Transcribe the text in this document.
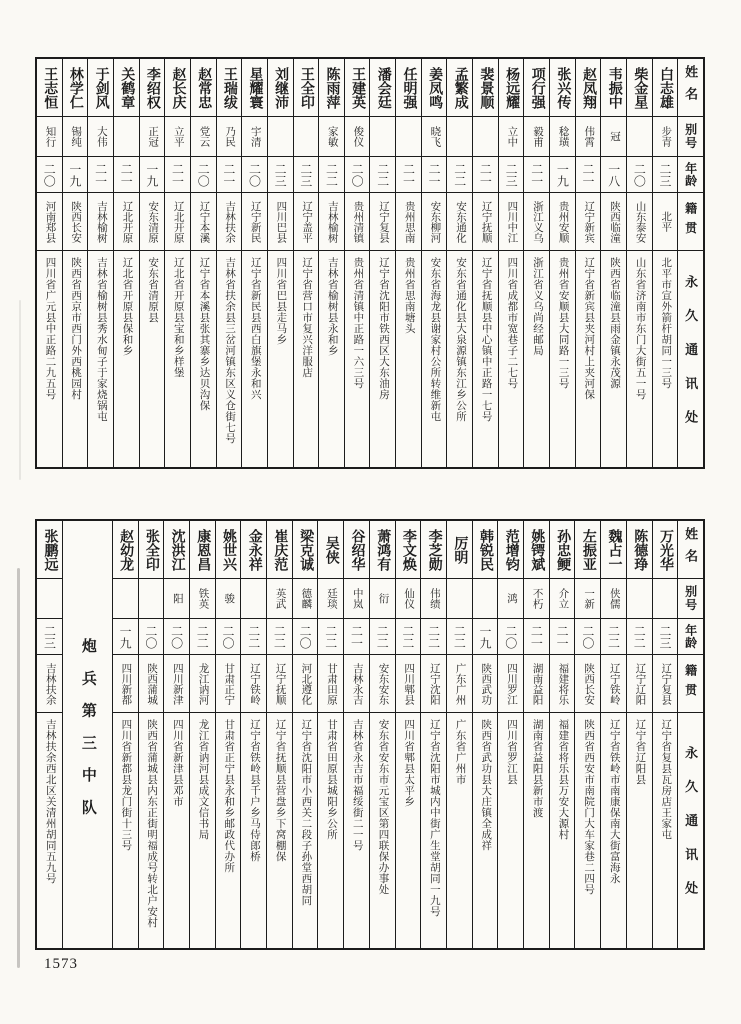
姓名
别号
年龄
籍贯
永久通讯处
白志雄
步青
二三
北平
北平市宣外箭杆胡同一三号
柴金星
二〇
山东泰安
山东省济南市东门大街五一号
韦振中
冠
一八
陕西临潼
陕西省临潼县雨金镇永茂源
赵凤翔
伟霄
二一
辽宁新宾
辽宁省新宾县夹河村上夹河保
张兴传
稔璜
一九
贵州安顺
贵州省安顺县大同路一三号
项行强
毅甫
二一
浙江义乌
浙江省义乌尚经邮局
杨远耀
立中
二三
四川中江
四川省成都市宽巷子二七号
裴景顺
二一
辽宁抚顺
辽宁省抚顺县中心镇中正路一七号
孟繁成
二二
安东通化
安东省通化县大泉源镇东江乡公所
姜凤鸣
晓飞
二一
安东柳河
安东省海龙县谢家村公所转维新屯
任明强
二一
贵州思南
贵州省思南塘头
潘会廷
二二
辽宁复县
辽宁省沈阳市铁西区大东油房
王建英
俊仪
二〇
贵州清镇
贵州省清镇中正路一六三号
陈雨萍
家敏
二二
吉林榆树
吉林省榆树县永和乡
王全印
二三
辽宁盖平
辽宁省营口市复兴洋服店
刘继沛
二三
四川巴县
四川省巴县走马乡
星耀寰
宇清
二〇
辽宁新民
辽宁省新民县西白旗堡永和兴
王瑞绂
乃民
二一
吉林扶余
吉林省扶余县三岔河镇东区义仓街七号
赵常忠
党云
二〇
辽宁本溪
辽宁省本溪县张其寨乡达贝沟保
赵长庆
立平
二一
辽北开原
辽北省开原县宝和乡样堡
李绍权
正冠
一九
安东清原
安东省清原县
关鹤章
二一
辽北开原
辽北省开原县保和乡
于剑风
大伟
二一
吉林榆树
吉林省榆树县秀水甸子于家烧锅屯
林学仁
锡纯
一九
陕西长安
陕西省西京市西门外西桃园村
王志恒
知行
二〇
河南郑县
四川省广元县中正路二九五号
姓名
别号
年龄
籍贯
永久通讯处
万光华
二三
辽宁复县
辽宁省复县瓦房店王家屯
陈德琤
二二
辽宁辽阳
辽宁省辽阳县
魏占一
侠儒
二二
辽宁铁岭
辽宁省铁岭市南康保南大街富海永
左振亚
一新
二〇
陕西长安
陕西省西安市南院门大车家巷二四号
孙忠鲠
介立
二一
福建将乐
福建省将乐县万安大源村
姚锷斌
不朽
二一
湖南益阳
湖南省益阳县新市渡
范增钧
鸿
二〇
四川罗江
四川省罗江县
韩锐民
一九
陕西武功
陕西省武功县大庄镇全成祥
厉明
二二
广东广州
广东省广州市
李芝勋
伟绩
二二
辽宁沈阳
辽宁省沈阳市城内中街广生堂胡同一九号
李文焕
仙仪
二二
四川郫县
四川省郫县太平乡
萧鸿有
衍
二二
安东安东
安东省安东市元宝区第四联保办事处
谷绍华
中岚
二一
吉林永吉
吉林省永吉市福绥街二一号
吴侠
廷琰
二二
甘肃田原
甘肃省田原县城阳乡公所
梁克诚
德麟
二〇
河北遵化
辽宁省沈阳市小西关二段子孙堂西胡同
崔庆范
英武
二二
辽宁抚顺
辽宁省抚顺县营盘乡下窝棚保
金永祥
二二
辽宁铁岭
辽宁省铁岭县千户乡马侍郎桥
姚世兴
骏
二〇
甘肃正宁
甘肃省正宁县永和乡邮政代办所
康恩昌
铁英
二二
龙江讷河
龙江省讷河县成文信书局
沈洪江
阳
二〇
四川新津
四川省新津县邓市
张全印
二〇
陕西蒲城
陕西省蒲城县内东正街明福成号转北户安村
赵幼龙
一九
四川新都
四川省新都县龙门街十三号
炮兵第三中队
张鹏远
二三
吉林扶余
吉林扶余西北区关清州胡同五九号
1573
